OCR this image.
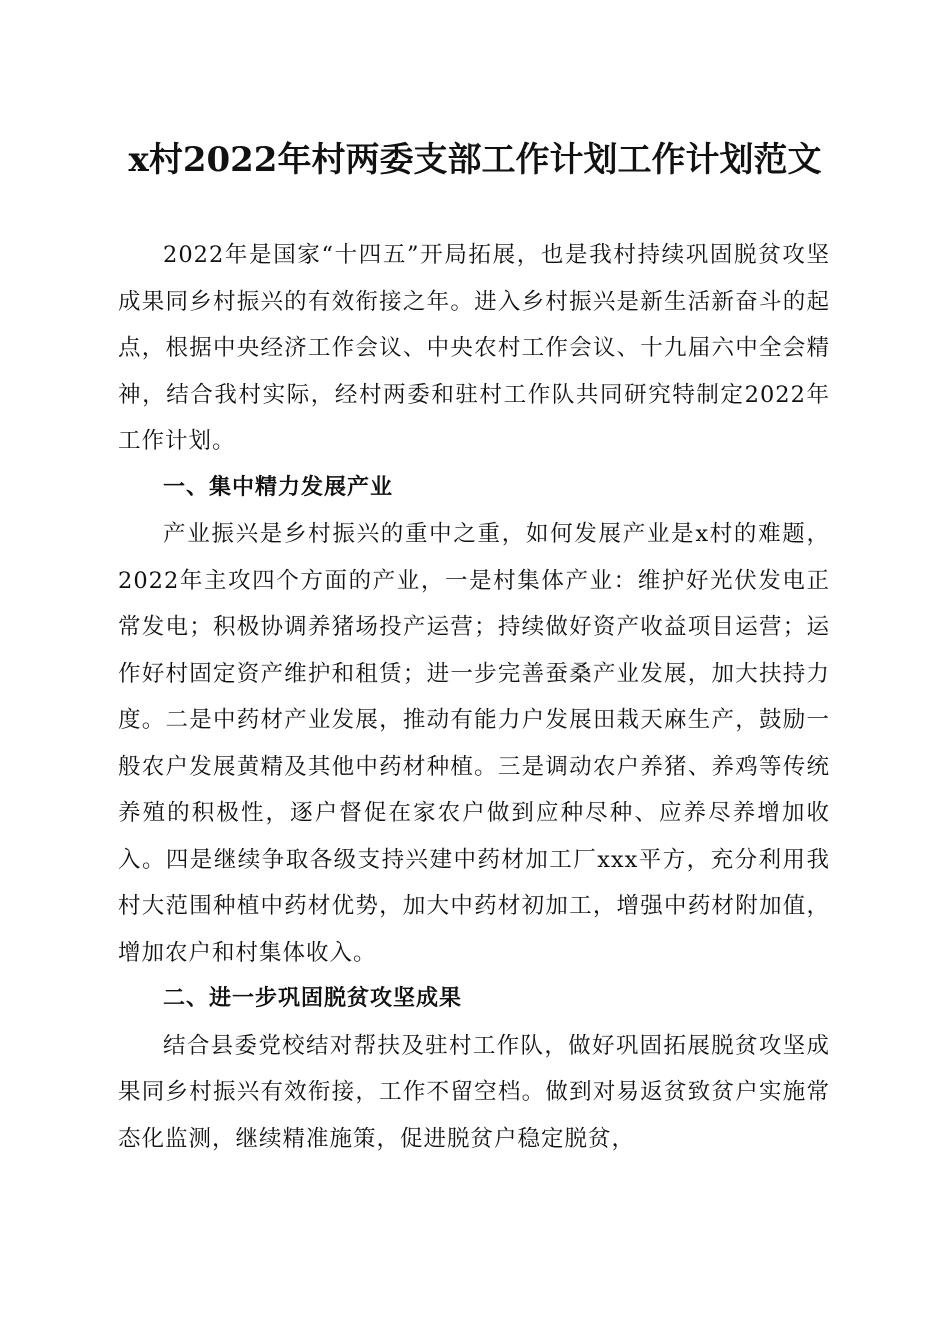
x村2022年村两委支部工作计划工作计划范文

2022年是国家“十四五”开局拓展，也是我村持续巩固脱贫攻坚成果同乡村振兴的有效衔接之年。进入乡村振兴是新生活新奋斗的起点，根据中央经济工作会议、中央农村工作会议、十九届六中全会精神，结合我村实际，经村两委和驻村工作队共同研究特制定2022年工作计划。

一、集中精力发展产业

产业振兴是乡村振兴的重中之重，如何发展产业是x村的难题，2022年主攻四个方面的产业，一是村集体产业：维护好光伏发电正常发电；积极协调养猪场投产运营；持续做好资产收益项目运营；运作好村固定资产维护和租赁；进一步完善蚕桑产业发展，加大扶持力度。二是中药材产业发展，推动有能力户发展田栽天麻生产，鼓励一般农户发展黄精及其他中药材种植。三是调动农户养猪、养鸡等传统养殖的积极性，逐户督促在家农户做到应种尽种、应养尽养增加收入。四是继续争取各级支持兴建中药材加工厂xxx平方，充分利用我村大范围种植中药材优势，加大中药材初加工，增强中药材附加值，增加农户和村集体收入。

二、进一步巩固脱贫攻坚成果

结合县委党校结对帮扶及驻村工作队，做好巩固拓展脱贫攻坚成果同乡村振兴有效衔接，工作不留空档。做到对易返贫致贫户实施常态化监测，继续精准施策，促进脱贫户稳定脱贫，
